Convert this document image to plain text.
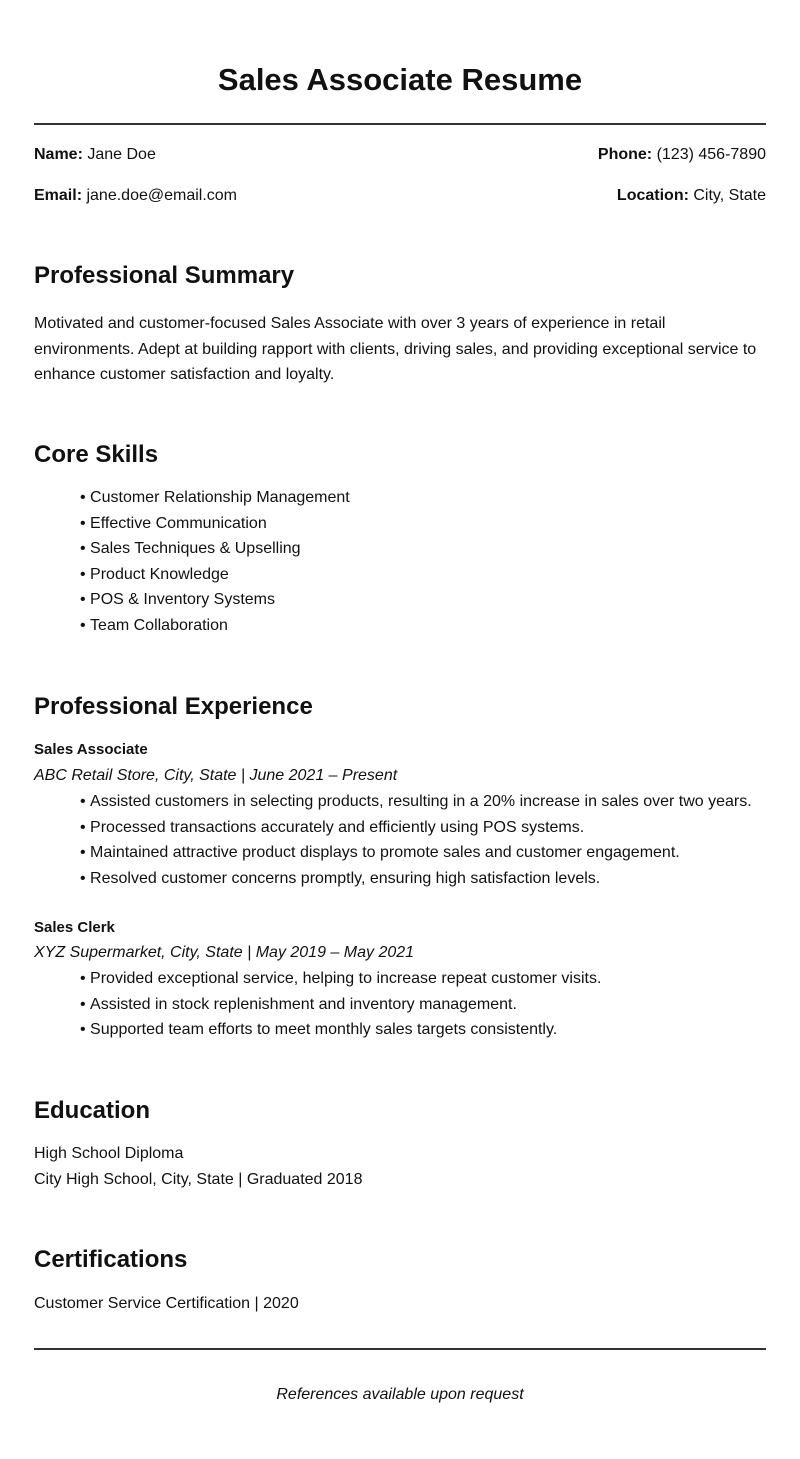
Sales Associate Resume
Name: Jane Doe	Phone: (123) 456-7890
Email: jane.doe@email.com	Location: City, State
Professional Summary

Motivated and customer-focused Sales Associate with over 3 years of experience in retail environments. Adept at building rapport with clients, driving sales, and providing exceptional service to enhance customer satisfaction and loyalty.

Core Skills
• Customer Relationship Management
• Effective Communication
• Sales Techniques & Upselling
• Product Knowledge
• POS & Inventory Systems
• Team Collaboration
Professional Experience
Sales Associate
ABC Retail Store, City, State | June 2021 – Present
• Assisted customers in selecting products, resulting in a 20% increase in sales over two years.
• Processed transactions accurately and efficiently using POS systems.
• Maintained attractive product displays to promote sales and customer engagement.
• Resolved customer concerns promptly, ensuring high satisfaction levels.
Sales Clerk
XYZ Supermarket, City, State | May 2019 – May 2021
• Provided exceptional service, helping to increase repeat customer visits.
• Assisted in stock replenishment and inventory management.
• Supported team efforts to meet monthly sales targets consistently.
Education
High School Diploma
City High School, City, State | Graduated 2018
Certifications
Customer Service Certification | 2020
References available upon request
